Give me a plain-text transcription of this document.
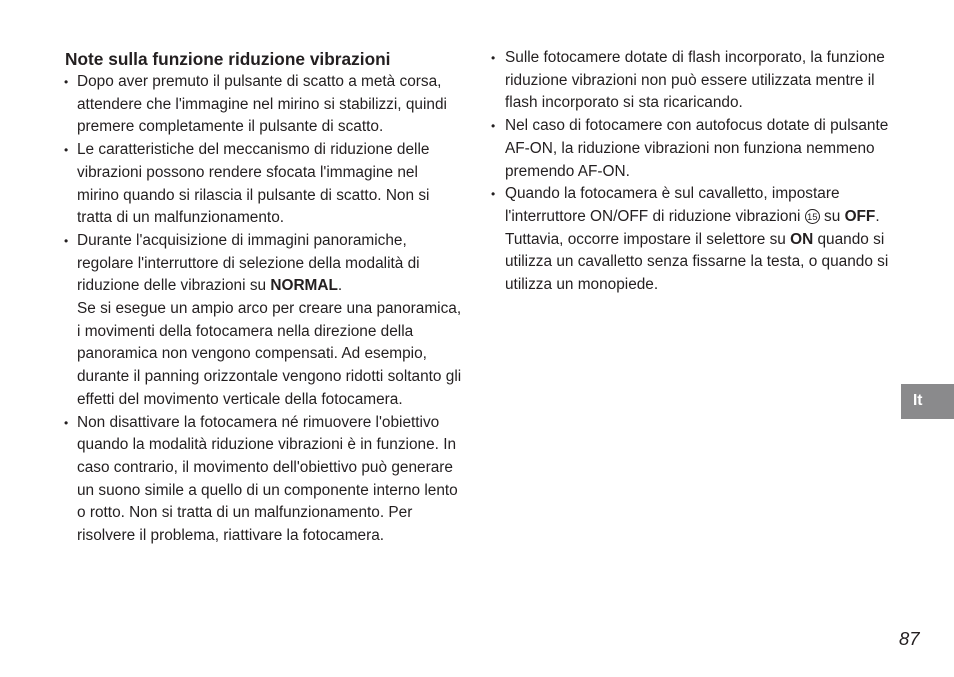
Note sulla funzione riduzione vibrazioni
• Dopo aver premuto il pulsante di scatto a metà corsa, attendere che l'immagine nel mirino si stabilizzi, quindi premere completamente il pulsante di scatto.
• Le caratteristiche del meccanismo di riduzione delle vibrazioni possono rendere sfocata l'immagine nel mirino quando si rilascia il pulsante di scatto. Non si tratta di un malfunzionamento.
• Durante l'acquisizione di immagini panoramiche, regolare l'interruttore di selezione della modalità di riduzione delle vibrazioni su NORMAL.
Se si esegue un ampio arco per creare una panoramica, i movimenti della fotocamera nella direzione della panoramica non vengono compensati. Ad esempio, durante il panning orizzontale vengono ridotti soltanto gli effetti del movimento verticale della fotocamera.
• Non disattivare la fotocamera né rimuovere l'obiettivo quando la modalità riduzione vibrazioni è in funzione. In caso contrario, il movimento dell'obiettivo può generare un suono simile a quello di un componente interno lento o rotto. Non si tratta di un malfunzionamento. Per risolvere il problema, riattivare la fotocamera.
• Sulle fotocamere dotate di flash incorporato, la funzione riduzione vibrazioni non può essere utilizzata mentre il flash incorporato si sta ricaricando.
• Nel caso di fotocamere con autofocus dotate di pulsante AF-ON, la riduzione vibrazioni non funziona nemmeno premendo AF-ON.
• Quando la fotocamera è sul cavalletto, impostare l'interruttore ON/OFF di riduzione vibrazioni 15 su OFF. Tuttavia, occorre impostare il selettore su ON quando si utilizza un cavalletto senza fissarne la testa, o quando si utilizza un monopiede.
It
87
